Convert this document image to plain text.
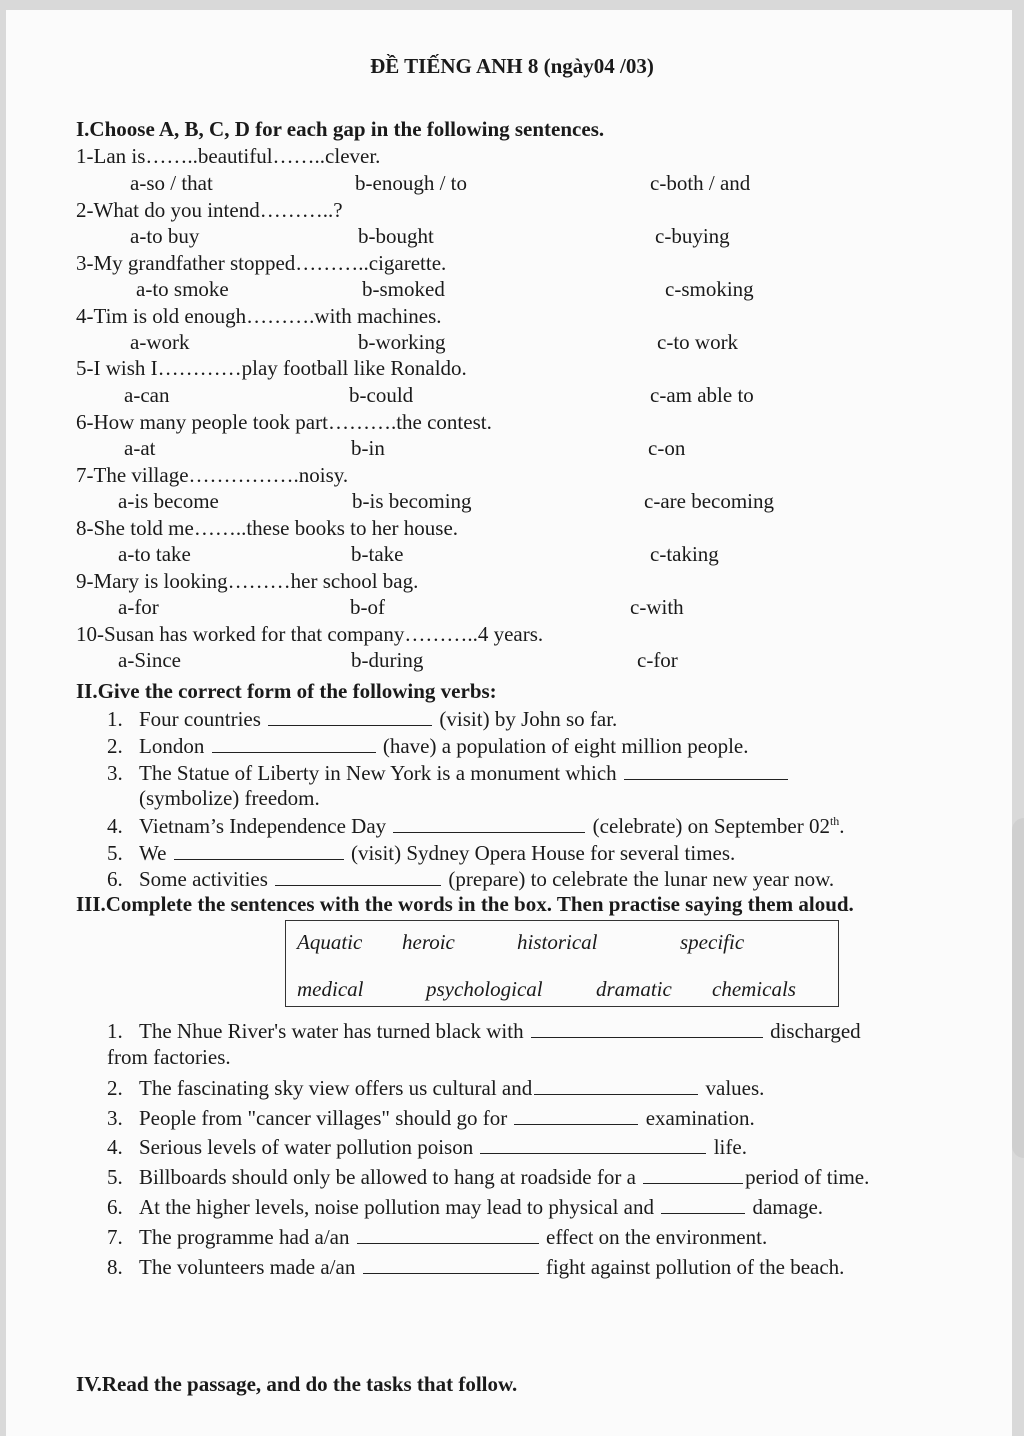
ĐỀ TIẾNG ANH 8 (ngày04 /03)
I.Choose A, B, C, D for each gap in the following sentences.
1-Lan is……..beautiful……..clever.
a-so / that	b-enough / to	c-both / and
2-What do you intend………..?
a-to buy	b-bought	c-buying
3-My grandfather stopped………..cigarette.
a-to smoke	b-smoked	c-smoking
4-Tim is old enough……….with machines.
a-work	b-working	c-to work
5-I wish I…………play football like Ronaldo.
a-can	b-could	c-am able to
6-How many people took part……….the contest.
a-at	b-in	c-on
7-The village…………….noisy.
a-is become	b-is becoming	c-are becoming
8-She told me……..these books to her house.
a-to take	b-take	c-taking
9-Mary is looking………her school bag.
a-for	b-of	c-with
10-Susan has worked for that company………..4 years.
a-Since	b-during	c-for
II.Give the correct form of the following verbs:
1. Four countries	(visit) by John so far.
2. London	(have) a population of eight million people.
3. The Statue of Liberty in New York is a monument which
(symbolize) freedom.
4. Vietnam’s Independence Day	(celebrate) on September 02th.
5. We	(visit) Sydney Opera House for several times.
6. Some activities	(prepare) to celebrate the lunar new year now.
III.Complete the sentences with the words in the box. Then practise saying them aloud.
Aquatic heroic	historical	specific
medical	psychological	dramatic chemicals
1. The Nhue River's water has turned black with	discharged
from factories.
2. The fascinating sky view offers us cultural and	values.
3. People from "cancer villages" should go for	examination.
4. Serious levels of water pollution poison	life.
5. Billboards should only be allowed to hang at roadside for a	period of time.
6. At the higher levels, noise pollution may lead to physical and	damage.
7. The programme had a/an	effect on the environment.
8. The volunteers made a/an	fight against pollution of the beach.
IV.Read the passage, and do the tasks that follow.
